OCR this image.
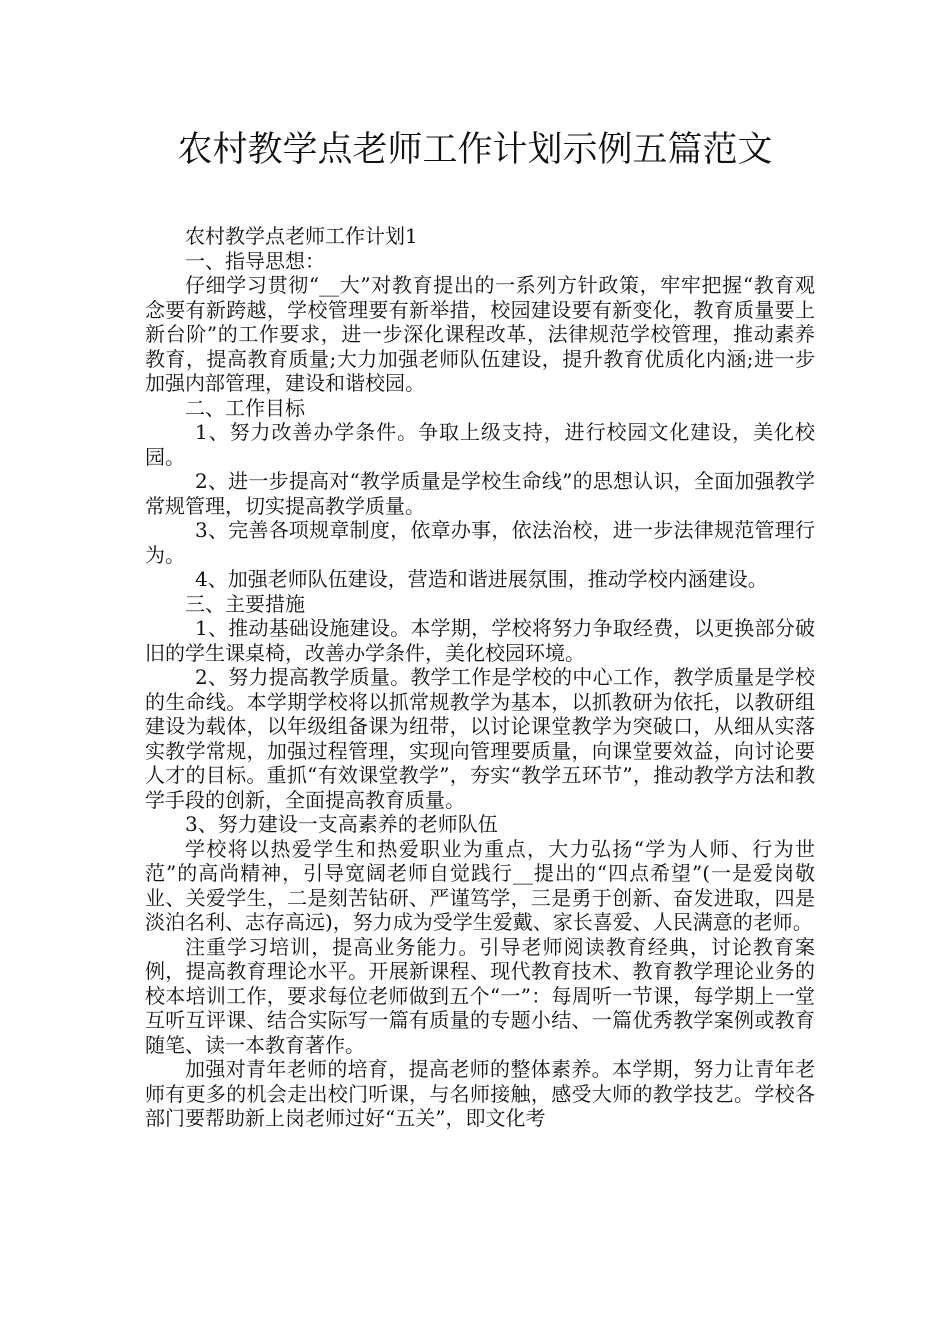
农村教学点老师工作计划示例五篇范文

农村教学点老师工作计划1

一、指导思想：

仔细学习贯彻“__大”对教育提出的一系列方针政策，牢牢把握“教育观念要有新跨越，学校管理要有新举措，校园建设要有新变化，教育质量要上新台阶”的工作要求，进一步深化课程改革，法律规范学校管理，推动素养教育，提高教育质量;大力加强老师队伍建设，提升教育优质化内涵;进一步加强内部管理，建设和谐校园。

二、工作目标

1、努力改善办学条件。争取上级支持，进行校园文化建设，美化校园。

2、进一步提高对“教学质量是学校生命线”的思想认识，全面加强教学常规管理，切实提高教学质量。

3、完善各项规章制度，依章办事，依法治校，进一步法律规范管理行为。

4、加强老师队伍建设，营造和谐进展氛围，推动学校内涵建设。

三、主要措施

1、推动基础设施建设。本学期，学校将努力争取经费，以更换部分破旧的学生课桌椅，改善办学条件，美化校园环境。

2、努力提高教学质量。教学工作是学校的中心工作，教学质量是学校的生命线。本学期学校将以抓常规教学为基本，以抓教研为依托，以教研组建设为载体，以年级组备课为纽带，以讨论课堂教学为突破口，从细从实落实教学常规，加强过程管理，实现向管理要质量，向课堂要效益，向讨论要人才的目标。重抓“有效课堂教学”，夯实“教学五环节”，推动教学方法和教学手段的创新，全面提高教育质量。

3、努力建设一支高素养的老师队伍

学校将以热爱学生和热爱职业为重点，大力弘扬“学为人师、行为世范”的高尚精神，引导宽阔老师自觉践行__提出的“四点希望”(一是爱岗敬业、关爱学生，二是刻苦钻研、严谨笃学，三是勇于创新、奋发进取，四是淡泊名利、志存高远)，努力成为受学生爱戴、家长喜爱、人民满意的老师。

注重学习培训，提高业务能力。引导老师阅读教育经典，讨论教育案例，提高教育理论水平。开展新课程、现代教育技术、教育教学理论业务的校本培训工作，要求每位老师做到五个“一”：每周听一节课，每学期上一堂互听互评课、结合实际写一篇有质量的专题小结、一篇优秀教学案例或教育随笔、读一本教育著作。

加强对青年老师的培育，提高老师的整体素养。本学期，努力让青年老师有更多的机会走出校门听课，与名师接触，感受大师的教学技艺。学校各部门要帮助新上岗老师过好“五关”，即文化考
